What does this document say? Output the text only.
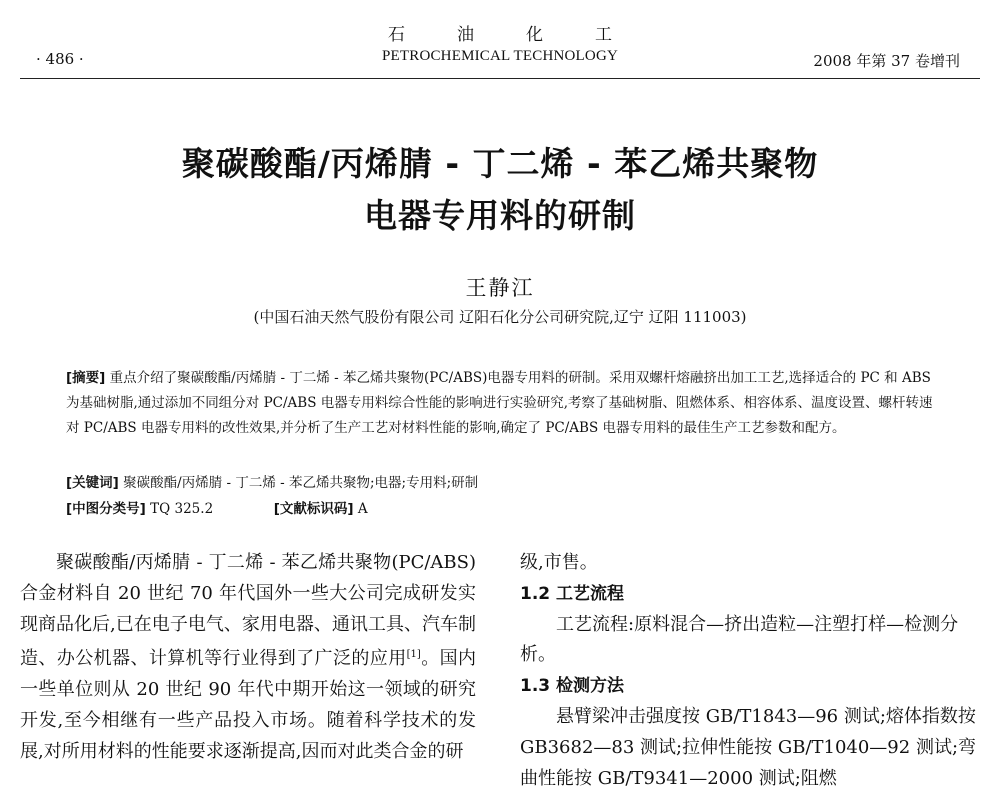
石	油	化	工
· 486 ·	PETROCHEMICAL TECHNOLOGY	2008 年第 37 卷增刊
聚碳酸酯/丙烯腈 - 丁二烯 - 苯乙烯共聚物
电器专用料的研制
王静江
(中国石油天然气股份有限公司 辽阳石化分公司研究院,辽宁 辽阳 111003)
[摘要] 重点介绍了聚碳酸酯/丙烯腈 - 丁二烯 - 苯乙烯共聚物(PC/ABS)电器专用料的研制。采用双螺杆熔融挤出加工工艺,选择适合的 PC 和 ABS 为基础树脂,通过添加不同组分对 PC/ABS 电器专用料综合性能的影响进行实验研究,考察了基础树脂、阻燃体系、相容体系、温度设置、螺杆转速对 PC/ABS 电器专用料的改性效果,并分析了生产工艺对材料性能的影响,确定了 PC/ABS 电器专用料的最佳生产工艺参数和配方。
[关键词] 聚碳酸酯/丙烯腈 - 丁二烯 - 苯乙烯共聚物;电器;专用料;研制
[中图分类号] TQ 325.2	[文献标识码] A

聚碳酸酯/丙烯腈 - 丁二烯 - 苯乙烯共聚物(PC/ABS)合金材料自 20 世纪 70 年代国外一些大公司完成研发实现商品化后,已在电子电气、家用电器、通讯工具、汽车制造、办公机器、计算机等行业得到了广泛的应用[1]。国内一些单位则从 20 世纪 90 年代中期开始这一领域的研究开发,至今相继有一些产品投入市场。随着科学技术的发展,对所用材料的性能要求逐渐提高,因而对此类合金的研

级,市售。

1.2 工艺流程

工艺流程:原料混合—挤出造粒—注塑打样—检测分析。

1.3 检测方法

悬臂梁冲击强度按 GB/T1843—96 测试;熔体指数按 GB3682—83 测试;拉伸性能按 GB/T1040—92 测试;弯曲性能按 GB/T9341—2000 测试;阻燃
